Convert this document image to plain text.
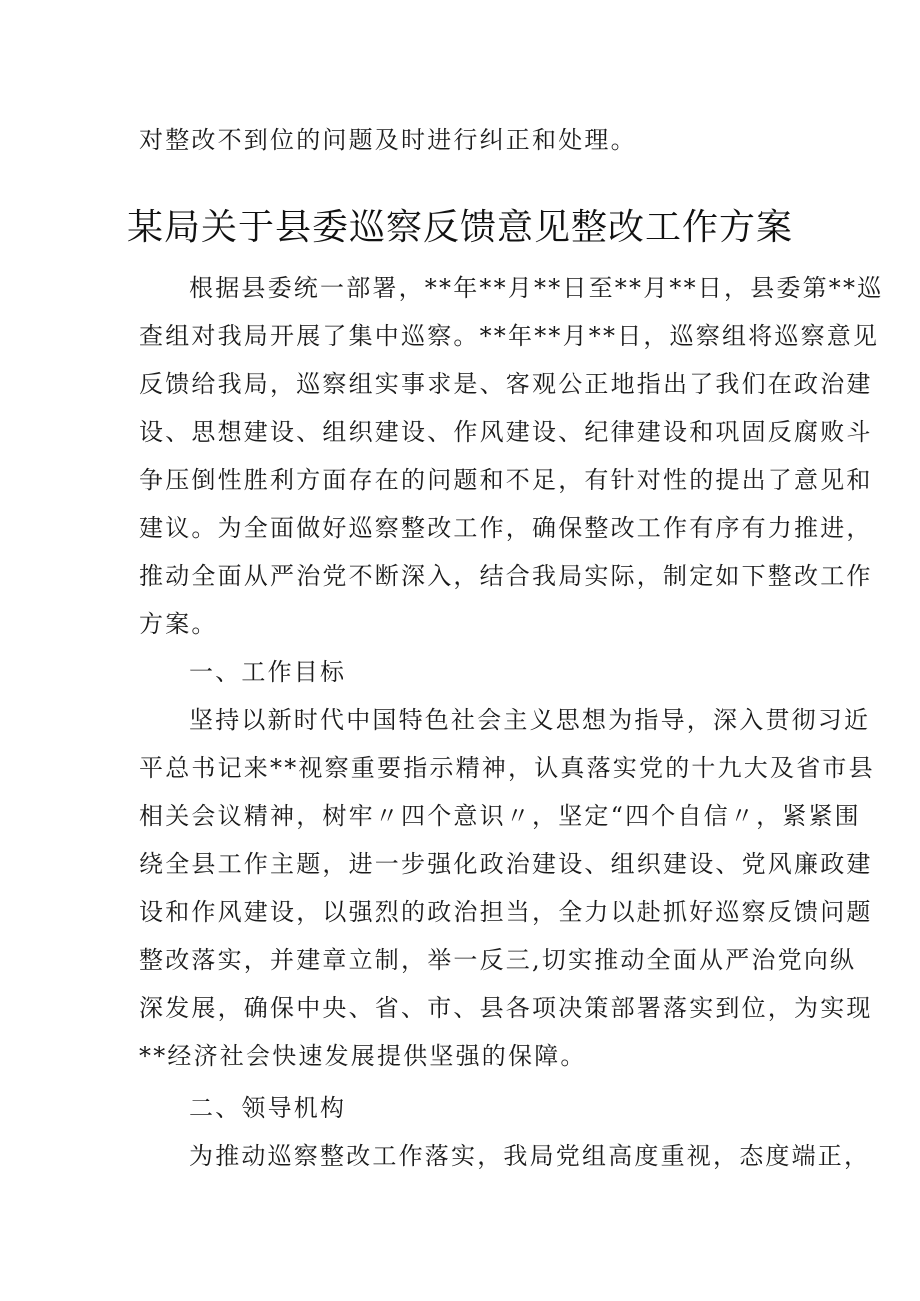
对整改不到位的问题及时进行纠正和处理。
某局关于县委巡察反馈意见整改工作方案
根据县委统一部署，**年**月**日至**月**日，县委第**巡
查组对我局开展了集中巡察。**年**月**日，巡察组将巡察意见
反馈给我局，巡察组实事求是、客观公正地指出了我们在政治建
设、思想建设、组织建设、作风建设、纪律建设和巩固反腐败斗
争压倒性胜利方面存在的问题和不足，有针对性的提出了意见和
建议。为全面做好巡察整改工作，确保整改工作有序有力推进，
推动全面从严治党不断深入，结合我局实际，制定如下整改工作
方案。
一、工作目标
坚持以新时代中国特色社会主义思想为指导，深入贯彻习近
平总书记来**视察重要指示精神，认真落实党的十九大及省市县
相关会议精神，树牢〃四个意识〃，坚定“四个自信〃，紧紧围
绕全县工作主题，进一步强化政治建设、组织建设、党风廉政建
设和作风建设，以强烈的政治担当，全力以赴抓好巡察反馈问题
整改落实，并建章立制，举一反三,切实推动全面从严治党向纵
深发展，确保中央、省、市、县各项决策部署落实到位，为实现
**经济社会快速发展提供坚强的保障。
二、领导机构
为推动巡察整改工作落实，我局党组高度重视，态度端正，
